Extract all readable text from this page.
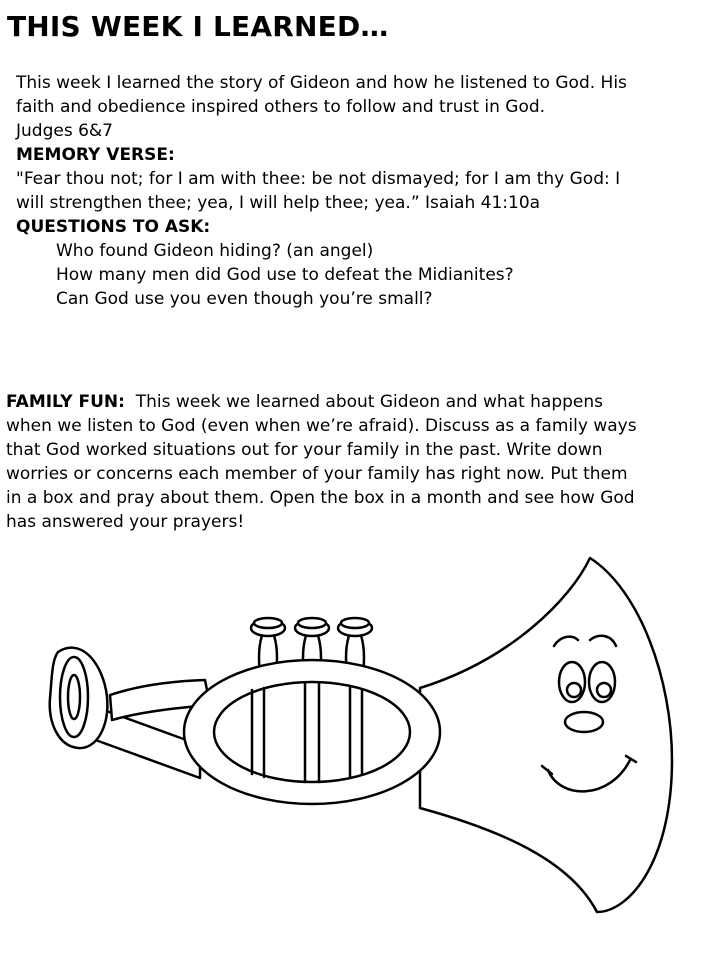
THIS WEEK I LEARNED…
This week I learned the story of Gideon and how he listened to God. His
faith and obedience inspired others to follow and trust in God.
Judges 6&7
MEMORY VERSE:
"Fear thou not; for I am with thee: be not dismayed; for I am thy God: I
will strengthen thee; yea, I will help thee; yea.” Isaiah 41:10a
QUESTIONS TO ASK:
Who found Gideon hiding? (an angel)
How many men did God use to defeat the Midianites?
Can God use you even though you’re small?
FAMILY FUN:  This week we learned about Gideon and what happens
when we listen to God (even when we’re afraid). Discuss as a family ways
that God worked situations out for your family in the past. Write down
worries or concerns each member of your family has right now. Put them
in a box and pray about them. Open the box in a month and see how God
has answered your prayers!
